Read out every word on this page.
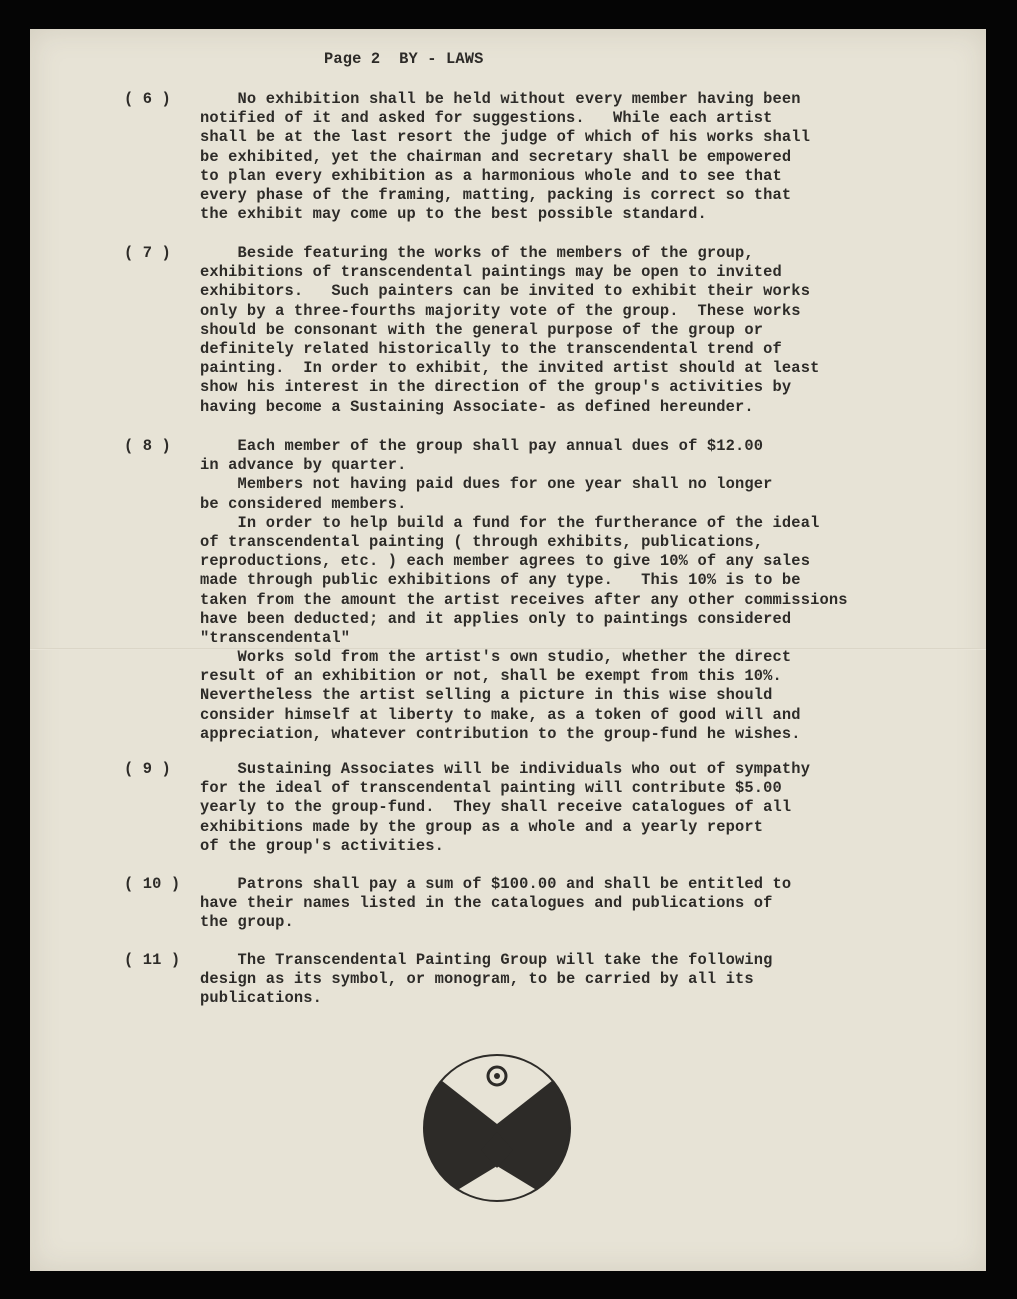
Page 2  BY - LAWS
( 6 ) No exhibition shall be held without every member having been
notified of it and asked for suggestions.   While each artist
shall be at the last resort the judge of which of his works shall
be exhibited, yet the chairman and secretary shall be empowered
to plan every exhibition as a harmonious whole and to see that
every phase of the framing, matting, packing is correct so that
the exhibit may come up to the best possible standard.
( 7 ) Beside featuring the works of the members of the group,
exhibitions of transcendental paintings may be open to invited
exhibitors.   Such painters can be invited to exhibit their works
only by a three-fourths majority vote of the group.  These works
should be consonant with the general purpose of the group or
definitely related historically to the transcendental trend of
painting.  In order to exhibit, the invited artist should at least
show his interest in the direction of the group's activities by
having become a Sustaining Associate- as defined hereunder.
( 8 ) Each member of the group shall pay annual dues of $12.00
in advance by quarter.
Members not having paid dues for one year shall no longer
be considered members.
In order to help build a fund for the furtherance of the ideal
of transcendental painting ( through exhibits, publications,
reproductions, etc. ) each member agrees to give 10% of any sales
made through public exhibitions of any type.   This 10% is to be
taken from the amount the artist receives after any other commissions
have been deducted; and it applies only to paintings considered
"transcendental"
Works sold from the artist's own studio, whether the direct
result of an exhibition or not, shall be exempt from this 10%.
Nevertheless the artist selling a picture in this wise should
consider himself at liberty to make, as a token of good will and
appreciation, whatever contribution to the group-fund he wishes.
( 9 ) Sustaining Associates will be individuals who out of sympathy
for the ideal of transcendental painting will contribute $5.00
yearly to the group-fund.  They shall receive catalogues of all
exhibitions made by the group as a whole and a yearly report
of the group's activities.
( 10 ) Patrons shall pay a sum of $100.00 and shall be entitled to
have their names listed in the catalogues and publications of
the group.
( 11 ) The Transcendental Painting Group will take the following
design as its symbol, or monogram, to be carried by all its
publications.
